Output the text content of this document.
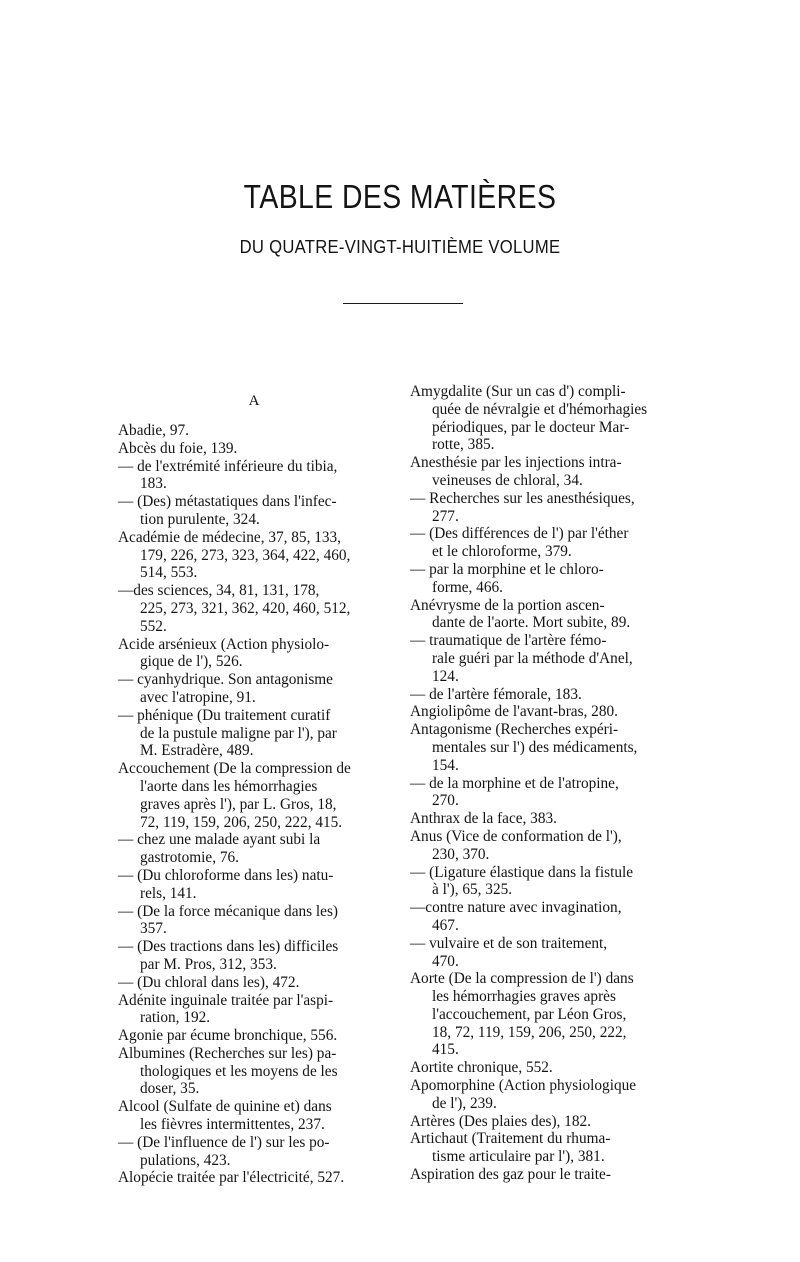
TABLE DES MATIÈRES
DU QUATRE-VINGT-HUITIÈME VOLUME
A
Abadie, 97.
Abcès du foie, 139.
— de l'extrémité inférieure du tibia,
183.
— (Des) métastatiques dans l'infec-
tion purulente, 324.
Académie de médecine, 37, 85, 133,
179, 226, 273, 323, 364, 422, 460,
514, 553.
—des sciences, 34, 81, 131, 178,
225, 273, 321, 362, 420, 460, 512,
552.
Acide arsénieux (Action physiolo-
gique de l'), 526.
— cyanhydrique. Son antagonisme
avec l'atropine, 91.
— phénique (Du traitement curatif
de la pustule maligne par l'), par
M. Estradère, 489.
Accouchement (De la compression de
l'aorte dans les hémorrhagies
graves après l'), par L. Gros, 18,
72, 119, 159, 206, 250, 222, 415.
— chez une malade ayant subi la
gastrotomie, 76.
— (Du chloroforme dans les) natu-
rels, 141.
— (De la force mécanique dans les)
357.
— (Des tractions dans les) difficiles
par M. Pros, 312, 353.
— (Du chloral dans les), 472.
Adénite inguinale traitée par l'aspi-
ration, 192.
Agonie par écume bronchique, 556.
Albumines (Recherches sur les) pa-
thologiques et les moyens de les
doser, 35.
Alcool (Sulfate de quinine et) dans
les fièvres intermittentes, 237.
— (De l'influence de l') sur les po-
pulations, 423.
Alopécie traitée par l'électricité, 527.
Amygdalite (Sur un cas d') compli-
quée de névralgie et d'hémorhagies
périodiques, par le docteur Mar-
rotte, 385.
Anesthésie par les injections intra-
veineuses de chloral, 34.
— Recherches sur les anesthésiques,
277.
— (Des différences de l') par l'éther
et le chloroforme, 379.
— par la morphine et le chloro-
forme, 466.
Anévrysme de la portion ascen-
dante de l'aorte. Mort subite, 89.
— traumatique de l'artère fémo-
rale guéri par la méthode d'Anel,
124.
— de l'artère fémorale, 183.
Angiolipôme de l'avant-bras, 280.
Antagonisme (Recherches expéri-
mentales sur l') des médicaments,
154.
— de la morphine et de l'atropine,
270.
Anthrax de la face, 383.
Anus (Vice de conformation de l'),
230, 370.
— (Ligature élastique dans la fistule
à l'), 65, 325.
—contre nature avec invagination,
467.
— vulvaire et de son traitement,
470.
Aorte (De la compression de l') dans
les hémorrhagies graves après
l'accouchement, par Léon Gros,
18, 72, 119, 159, 206, 250, 222,
415.
Aortite chronique, 552.
Apomorphine (Action physiologique
de l'), 239.
Artères (Des plaies des), 182.
Artichaut (Traitement du rhuma-
tisme articulaire par l'), 381.
Aspiration des gaz pour le traite-
